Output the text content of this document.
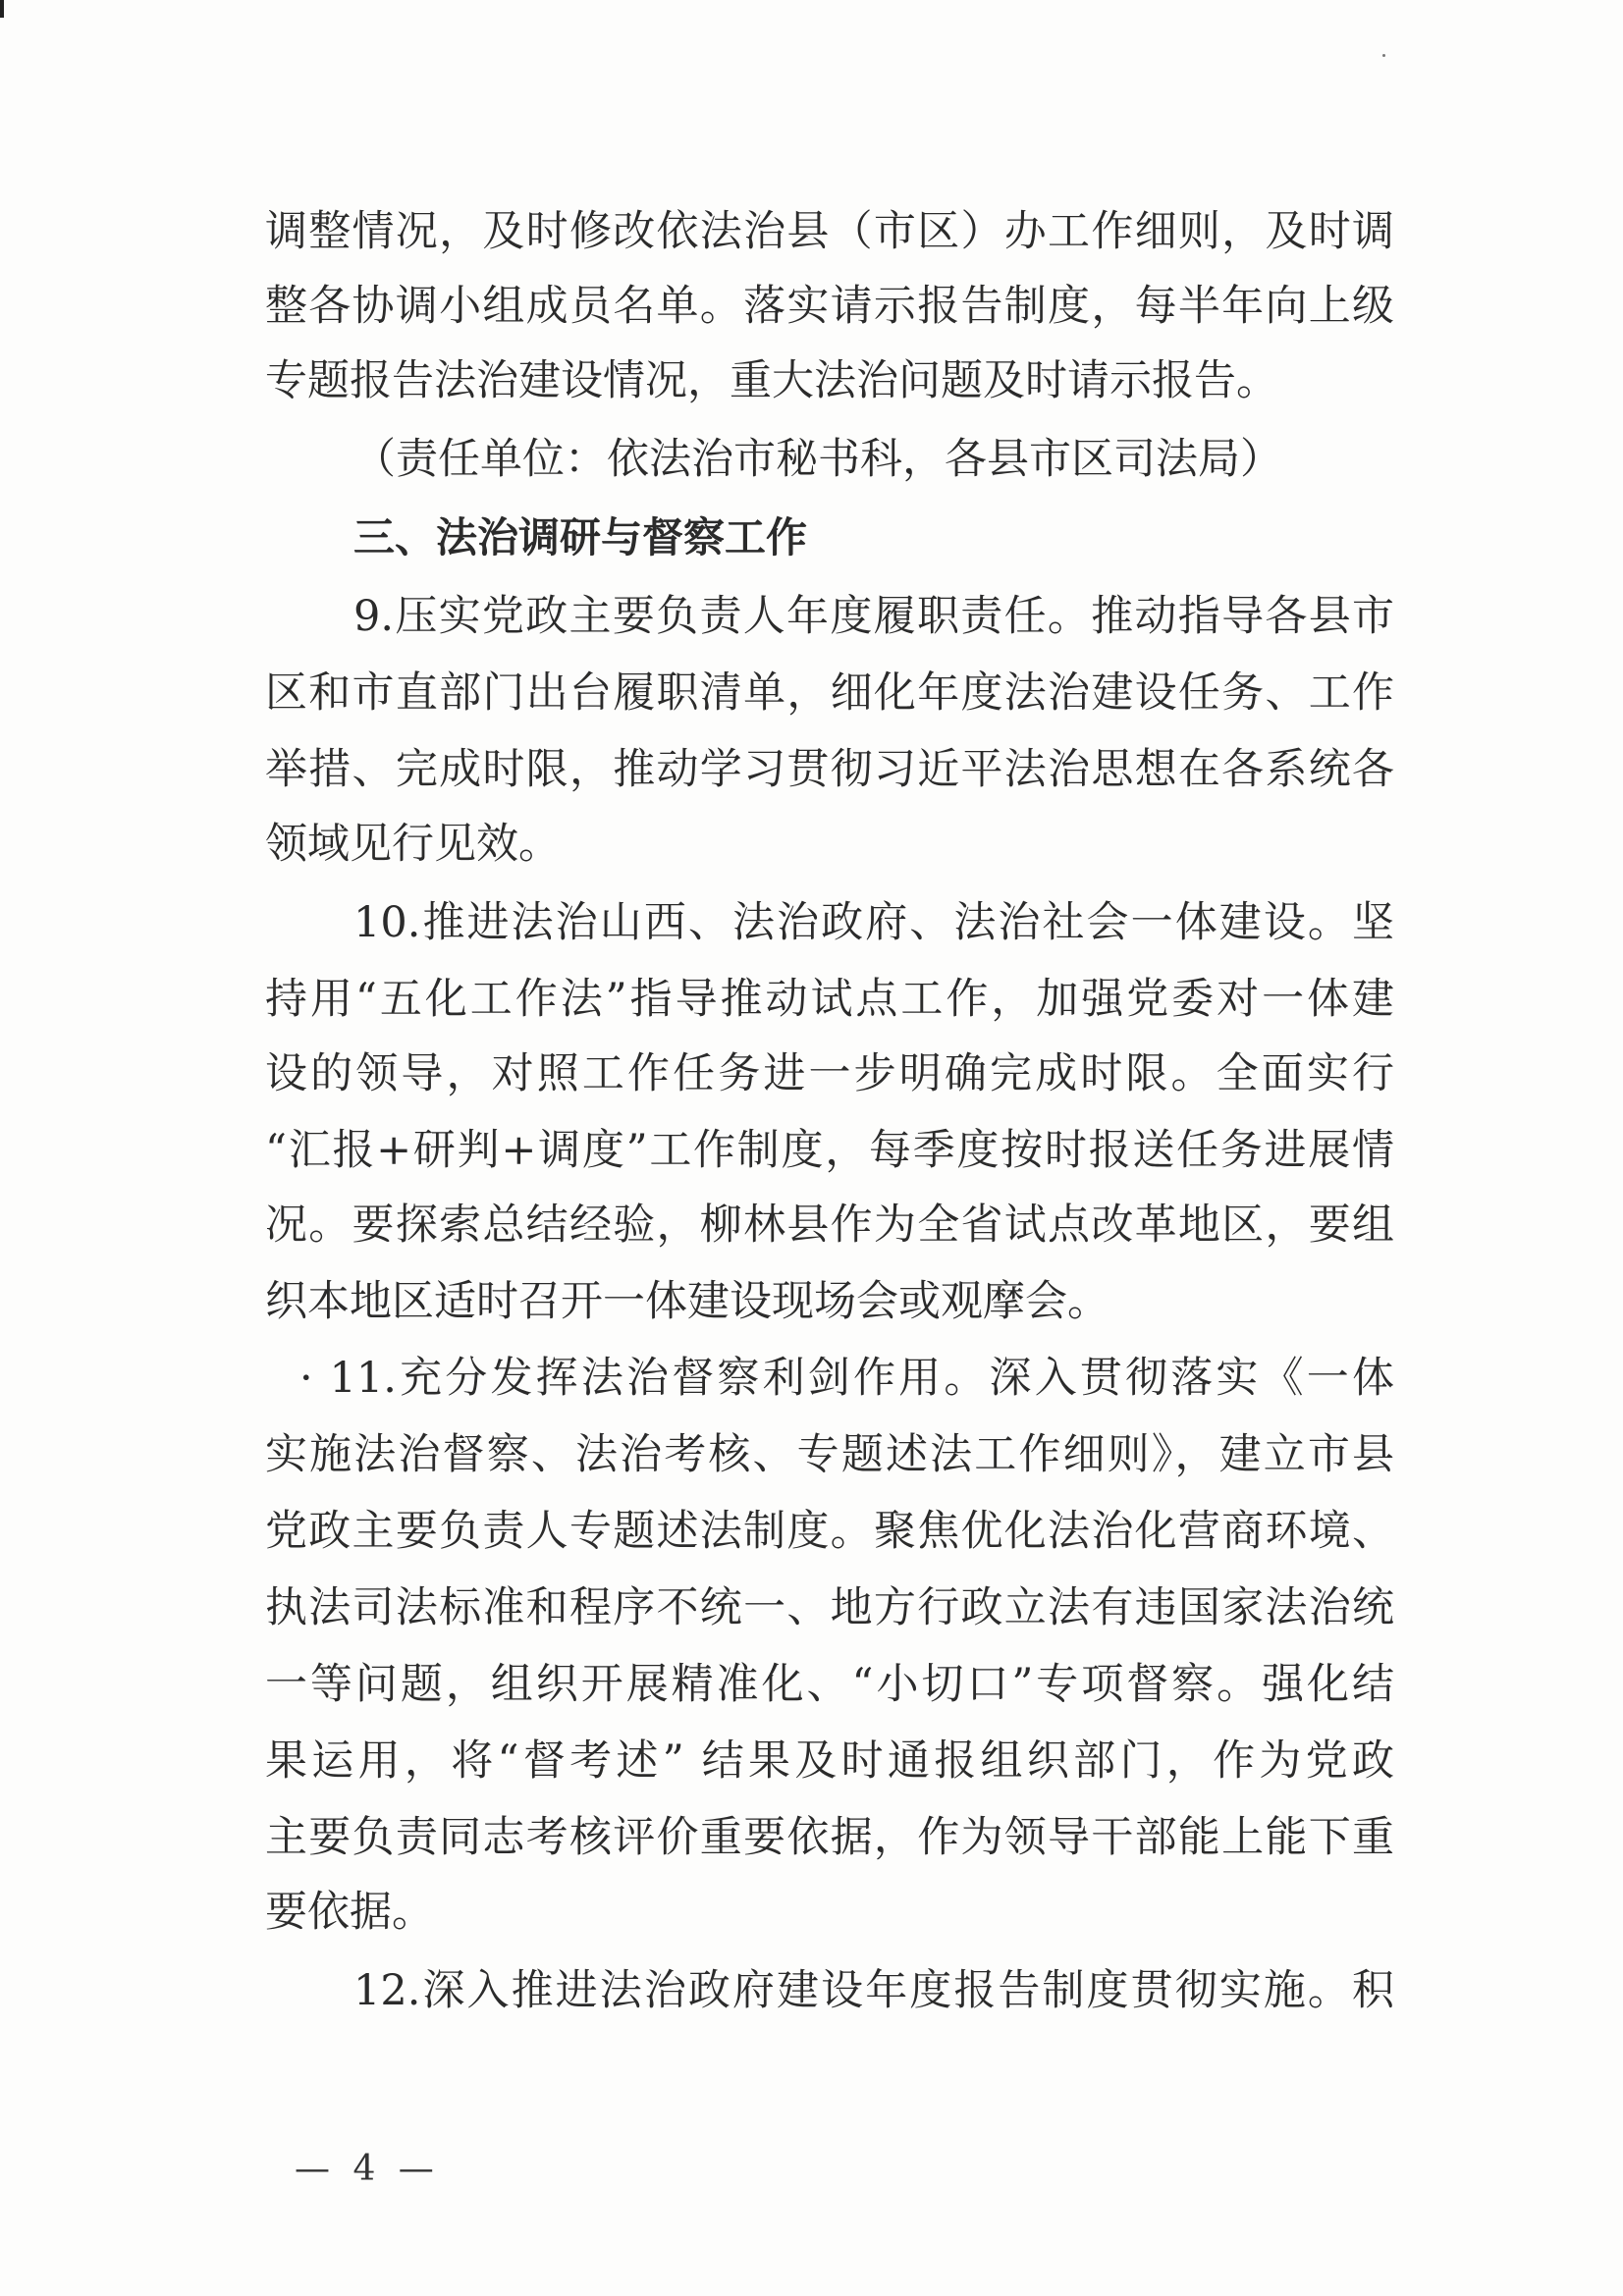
调整情况，及时修改依法治县（市区）办工作细则，及时调
整各协调小组成员名单。落实请示报告制度，每半年向上级
专题报告法治建设情况，重大法治问题及时请示报告。
（责任单位：依法治市秘书科，各县市区司法局）
三、法治调研与督察工作
9.压实党政主要负责人年度履职责任。推动指导各县市
区和市直部门出台履职清单，细化年度法治建设任务、工作
举措、完成时限，推动学习贯彻习近平法治思想在各系统各
领域见行见效。
10.推进法治山西、法治政府、法治社会一体建设。坚
持用“五化工作法”指导推动试点工作，加强党委对一体建
设的领导，对照工作任务进一步明确完成时限。全面实行
“汇报+研判+调度”工作制度，每季度按时报送任务进展情
况。要探索总结经验，柳林县作为全省试点改革地区，要组
织本地区适时召开一体建设现场会或观摩会。
· 11.充分发挥法治督察利剑作用。深入贯彻落实《一体
实施法治督察、法治考核、专题述法工作细则》，建立市县
党政主要负责人专题述法制度。聚焦优化法治化营商环境、
执法司法标准和程序不统一、地方行政立法有违国家法治统
一等问题，组织开展精准化、“小切口”专项督察。强化结
果运用，将“督考述” 结果及时通报组织部门，作为党政
主要负责同志考核评价重要依据，作为领导干部能上能下重
要依据。
12.深入推进法治政府建设年度报告制度贯彻实施。积
— 4 —
